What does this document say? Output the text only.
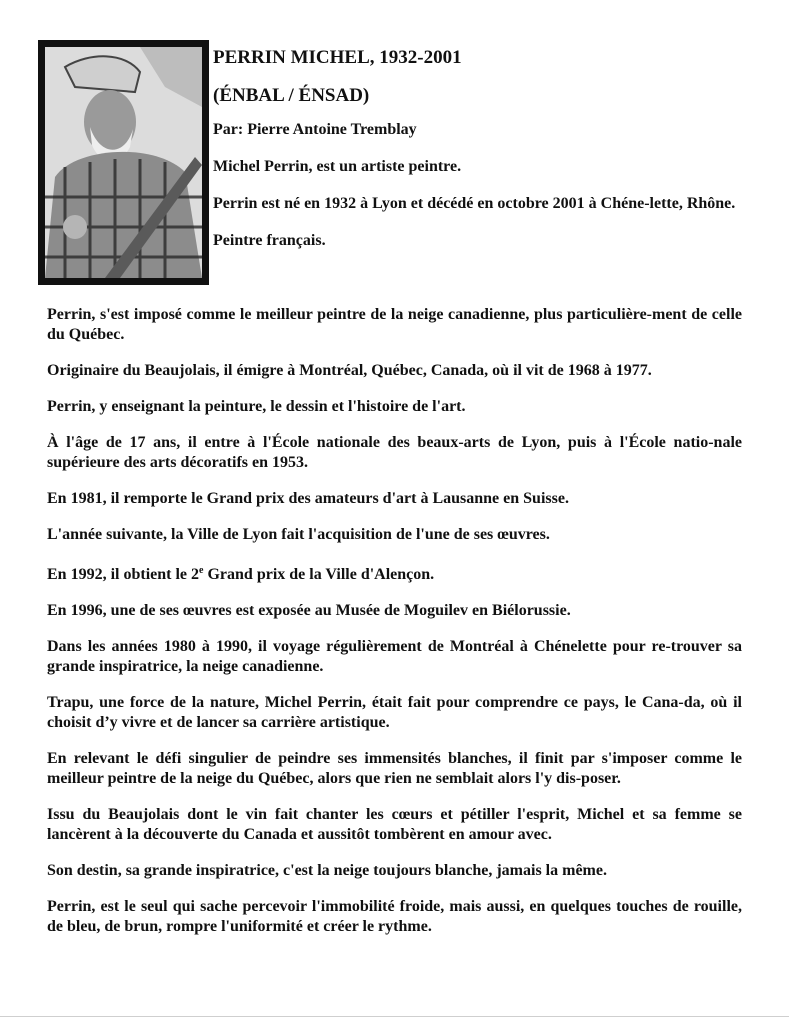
PERRIN MICHEL, 1932-2001

(ÉNBAL / ÉNSAD)

Par: Pierre Antoine Tremblay

Michel Perrin, est un artiste peintre.

Perrin est né en 1932 à Lyon et décédé en octobre 2001 à Chéne-lette, Rhône.

Peintre français.

Perrin, s'est imposé comme le meilleur peintre de la neige canadienne, plus particulière-ment de celle du Québec.

Originaire du Beaujolais, il émigre à Montréal, Québec, Canada, où il vit de 1968 à 1977.

Perrin, y enseignant la peinture, le dessin et l'histoire de l'art.

À l'âge de 17 ans, il entre à l'École nationale des beaux-arts de Lyon, puis à l'École natio-nale supérieure des arts décoratifs en 1953.

En 1981, il remporte le Grand prix des amateurs d'art à Lausanne en Suisse.

L'année suivante, la Ville de Lyon fait l'acquisition de l'une de ses œuvres.

En 1992, il obtient le 2e Grand prix de la Ville d'Alençon.

En 1996, une de ses œuvres est exposée au Musée de Moguilev en Biélorussie.

Dans les années 1980 à 1990, il voyage régulièrement de Montréal à Chénelette pour re-trouver sa grande inspiratrice, la neige canadienne.

Trapu, une force de la nature, Michel Perrin, était fait pour comprendre ce pays, le Cana-da, où il choisit d’y vivre et de lancer sa carrière artistique.

En relevant le défi singulier de peindre ses immensités blanches, il finit par s'imposer comme le meilleur peintre de la neige du Québec, alors que rien ne semblait alors l'y dis-poser.

Issu du Beaujolais dont le vin fait chanter les cœurs et pétiller l'esprit, Michel et sa femme se lancèrent à la découverte du Canada et aussitôt tombèrent en amour avec.

Son destin, sa grande inspiratrice, c'est la neige toujours blanche, jamais la même.

Perrin, est le seul qui sache percevoir l'immobilité froide, mais aussi, en quelques touches de rouille, de bleu, de brun, rompre l'uniformité et créer le rythme.
